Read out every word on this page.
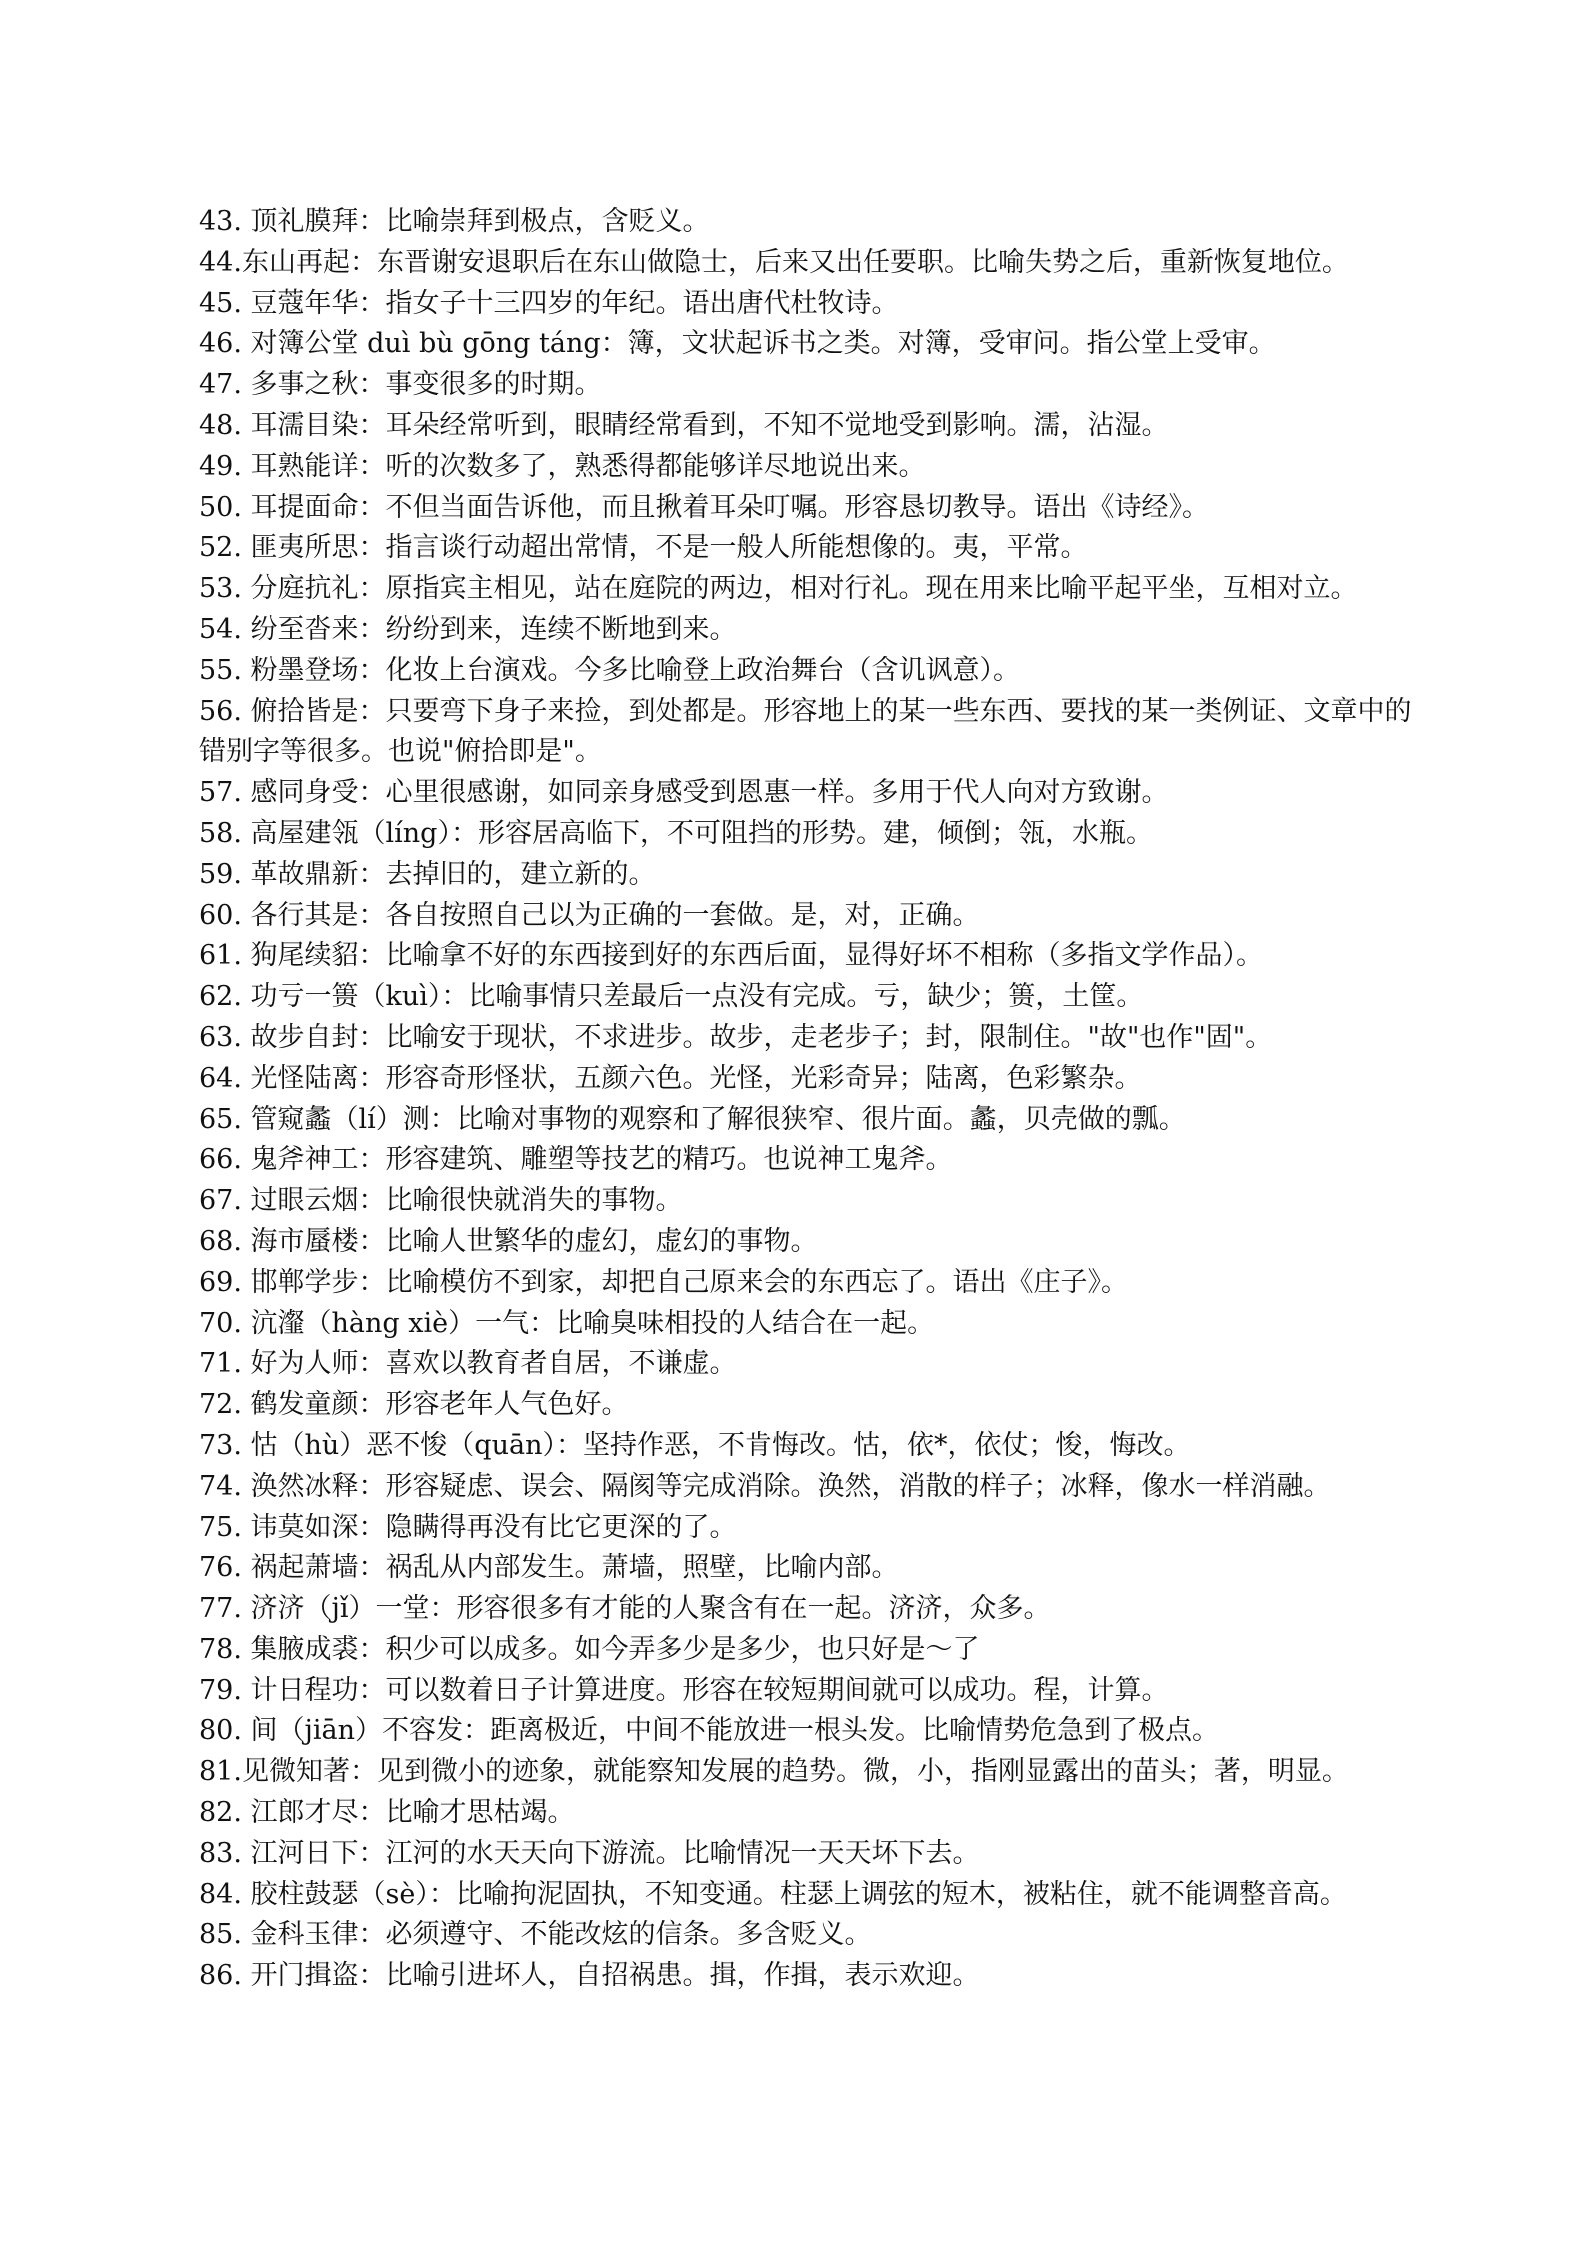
43. 顶礼膜拜：比喻崇拜到极点，含贬义。

44.东山再起：东晋谢安退职后在东山做隐士，后来又出任要职。比喻失势之后，重新恢复地位。

45. 豆蔻年华：指女子十三四岁的年纪。语出唐代杜牧诗。

46. 对簿公堂 duì bù gōng táng：簿，文状起诉书之类。对簿，受审问。指公堂上受审。

47. 多事之秋：事变很多的时期。

48. 耳濡目染：耳朵经常听到，眼睛经常看到，不知不觉地受到影响。濡，沾湿。

49. 耳熟能详：听的次数多了，熟悉得都能够详尽地说出来。

50. 耳提面命：不但当面告诉他，而且揪着耳朵叮嘱。形容恳切教导。语出《诗经》。

52. 匪夷所思：指言谈行动超出常情，不是一般人所能想像的。夷，平常。

53. 分庭抗礼：原指宾主相见，站在庭院的两边，相对行礼。现在用来比喻平起平坐，互相对立。

54. 纷至沓来：纷纷到来，连续不断地到来。

55. 粉墨登场：化妆上台演戏。今多比喻登上政治舞台（含讥讽意）。

56. 俯拾皆是：只要弯下身子来捡，到处都是。形容地上的某一些东西、要找的某一类例证、文章中的错别字等很多。也说"俯拾即是"。

57. 感同身受：心里很感谢，如同亲身感受到恩惠一样。多用于代人向对方致谢。

58. 高屋建瓴（líng）：形容居高临下，不可阻挡的形势。建，倾倒；瓴，水瓶。

59. 革故鼎新：去掉旧的，建立新的。

60. 各行其是：各自按照自己以为正确的一套做。是，对，正确。

61. 狗尾续貂：比喻拿不好的东西接到好的东西后面，显得好坏不相称（多指文学作品）。

62. 功亏一篑（kuì）：比喻事情只差最后一点没有完成。亏，缺少；篑，土筐。

63. 故步自封：比喻安于现状，不求进步。故步，走老步子；封，限制住。"故"也作"固"。

64. 光怪陆离：形容奇形怪状，五颜六色。光怪，光彩奇异；陆离，色彩繁杂。

65. 管窥蠡（lí）测：比喻对事物的观察和了解很狭窄、很片面。蠡，贝壳做的瓢。

66. 鬼斧神工：形容建筑、雕塑等技艺的精巧。也说神工鬼斧。

67. 过眼云烟：比喻很快就消失的事物。

68. 海市蜃楼：比喻人世繁华的虚幻，虚幻的事物。

69. 邯郸学步：比喻模仿不到家，却把自己原来会的东西忘了。语出《庄子》。

70. 沆瀣（hàng xiè）一气：比喻臭味相投的人结合在一起。

71. 好为人师：喜欢以教育者自居，不谦虚。

72. 鹤发童颜：形容老年人气色好。

73. 怙（hù）恶不悛（quān）：坚持作恶，不肯悔改。怙，依*，依仗；悛，悔改。

74. 涣然冰释：形容疑虑、误会、隔阂等完成消除。涣然，消散的样子；冰释，像水一样消融。

75. 讳莫如深：隐瞒得再没有比它更深的了。

76. 祸起萧墙：祸乱从内部发生。萧墙，照壁，比喻内部。

77. 济济（jǐ）一堂：形容很多有才能的人聚含有在一起。济济，众多。

78. 集腋成裘：积少可以成多。如今弄多少是多少，也只好是～了

79. 计日程功：可以数着日子计算进度。形容在较短期间就可以成功。程，计算。

80. 间（jiān）不容发：距离极近，中间不能放进一根头发。比喻情势危急到了极点。

81.见微知著：见到微小的迹象，就能察知发展的趋势。微，小，指刚显露出的苗头；著，明显。

82. 江郎才尽：比喻才思枯竭。

83. 江河日下：江河的水天天向下游流。比喻情况一天天坏下去。

84. 胶柱鼓瑟（sè）：比喻拘泥固执，不知变通。柱瑟上调弦的短木，被粘住，就不能调整音高。

85. 金科玉律：必须遵守、不能改炫的信条。多含贬义。

86. 开门揖盗：比喻引进坏人，自招祸患。揖，作揖，表示欢迎。
